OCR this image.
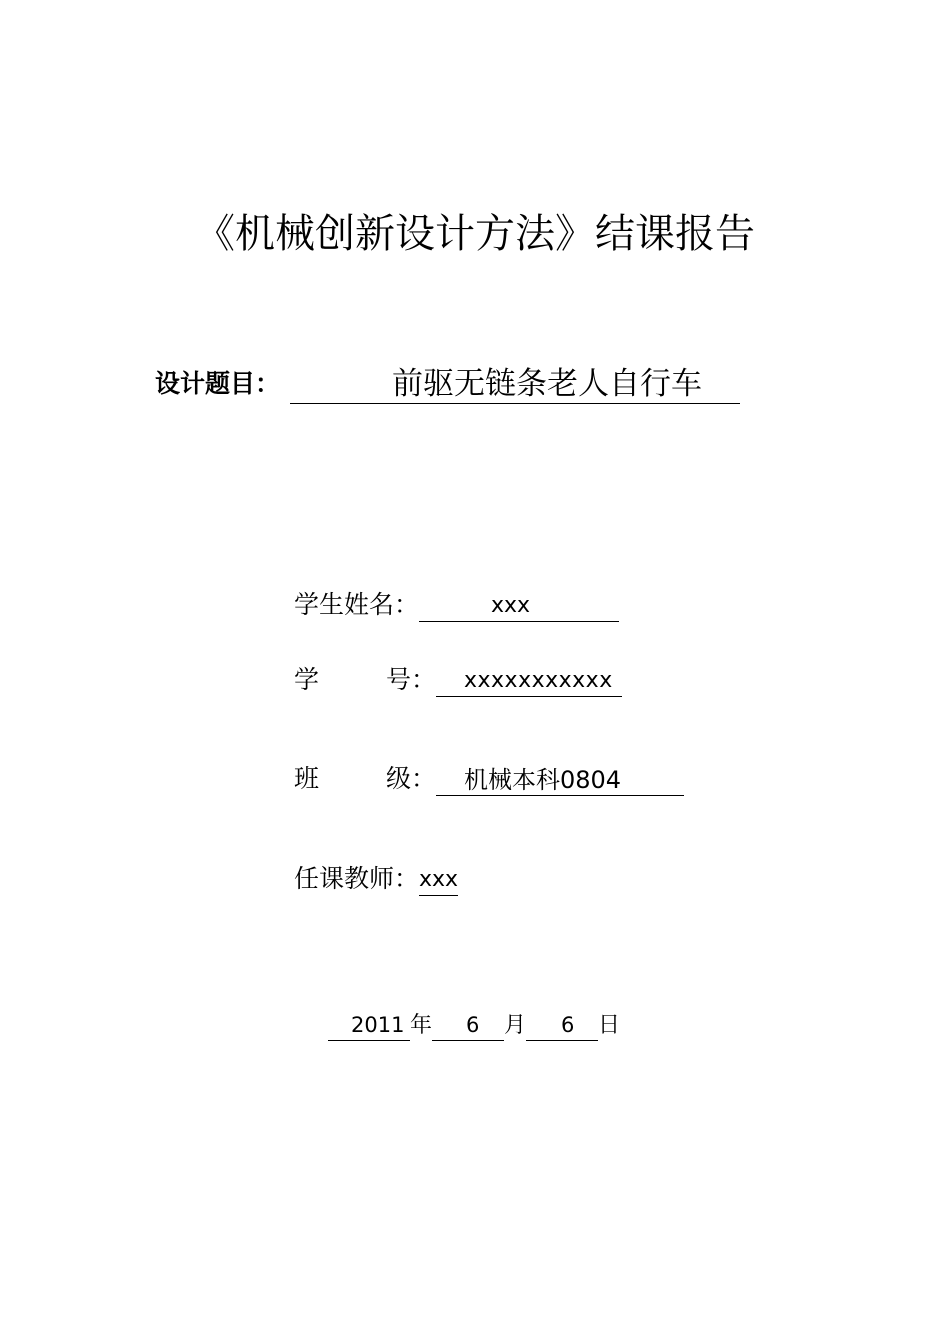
《机械创新设计方法》结课报告
设计题目：	前驱无链条老人自行车
学生姓名：	xxx
学	号：	xxxxxxxxxxx
班	级：	机械本科0804
任课教师： xxx
2011 年	6	月	6	日
